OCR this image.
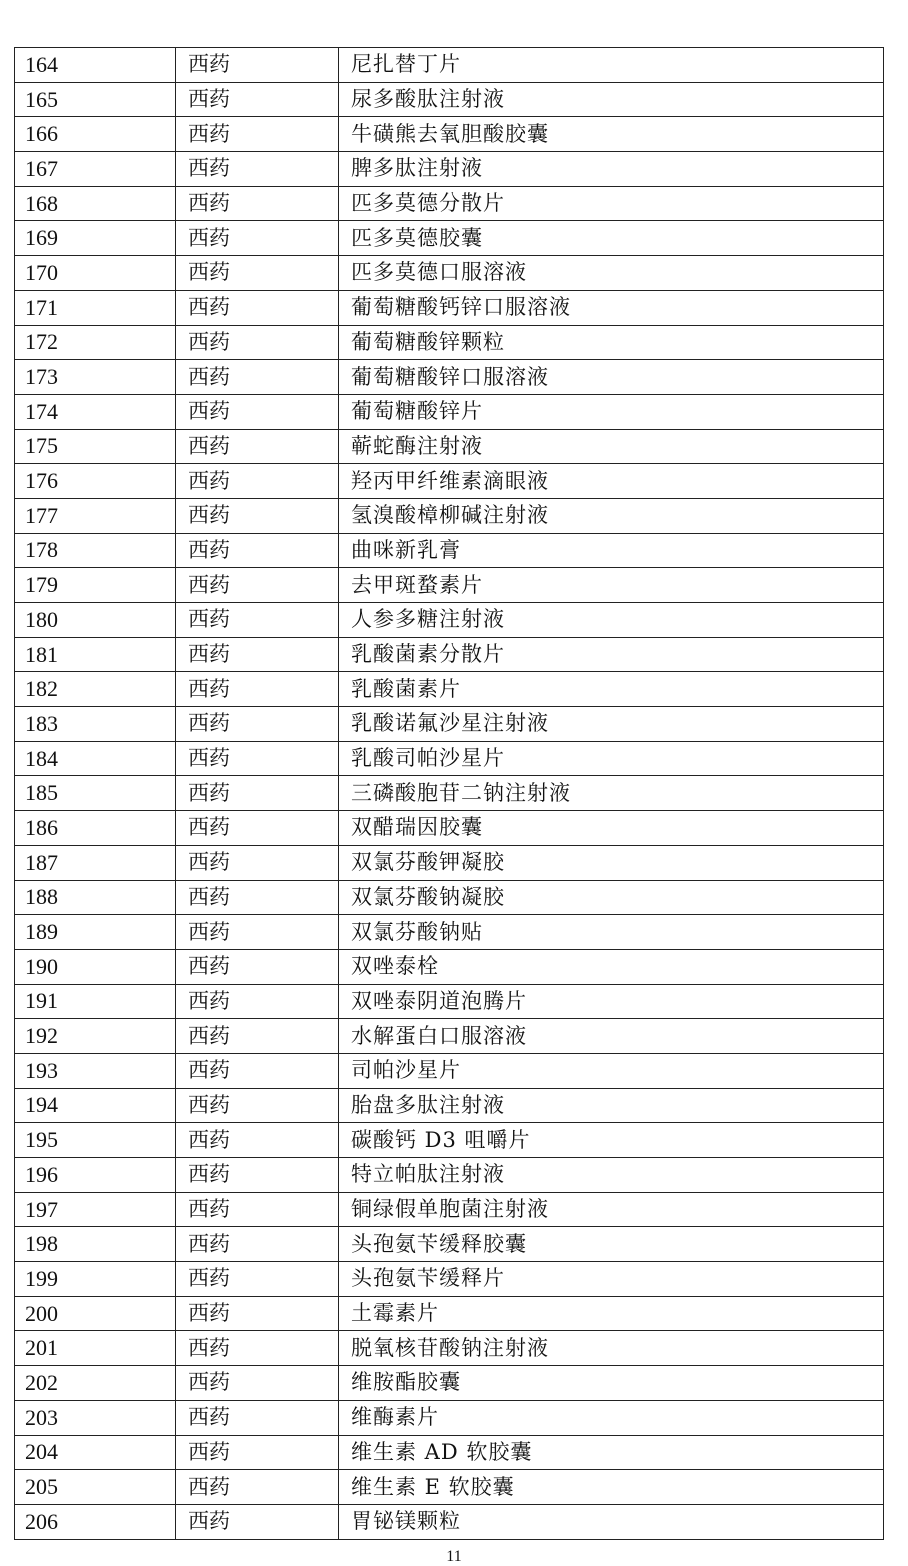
164	西药	尼扎替丁片
165	西药	尿多酸肽注射液
166	西药	牛磺熊去氧胆酸胶囊
167	西药	脾多肽注射液
168	西药	匹多莫德分散片
169	西药	匹多莫德胶囊
170	西药	匹多莫德口服溶液
171	西药	葡萄糖酸钙锌口服溶液
172	西药	葡萄糖酸锌颗粒
173	西药	葡萄糖酸锌口服溶液
174	西药	葡萄糖酸锌片
175	西药	蕲蛇酶注射液
176	西药	羟丙甲纤维素滴眼液
177	西药	氢溴酸樟柳碱注射液
178	西药	曲咪新乳膏
179	西药	去甲斑蝥素片
180	西药	人参多糖注射液
181	西药	乳酸菌素分散片
182	西药	乳酸菌素片
183	西药	乳酸诺氟沙星注射液
184	西药	乳酸司帕沙星片
185	西药	三磷酸胞苷二钠注射液
186	西药	双醋瑞因胶囊
187	西药	双氯芬酸钾凝胶
188	西药	双氯芬酸钠凝胶
189	西药	双氯芬酸钠贴
190	西药	双唑泰栓
191	西药	双唑泰阴道泡腾片
192	西药	水解蛋白口服溶液
193	西药	司帕沙星片
194	西药	胎盘多肽注射液
195	西药	碳酸钙 D3 咀嚼片
196	西药	特立帕肽注射液
197	西药	铜绿假单胞菌注射液
198	西药	头孢氨苄缓释胶囊
199	西药	头孢氨苄缓释片
200	西药	土霉素片
201	西药	脱氧核苷酸钠注射液
202	西药	维胺酯胶囊
203	西药	维酶素片
204	西药	维生素 AD 软胶囊
205	西药	维生素 E 软胶囊
206	西药	胃铋镁颗粒
11
